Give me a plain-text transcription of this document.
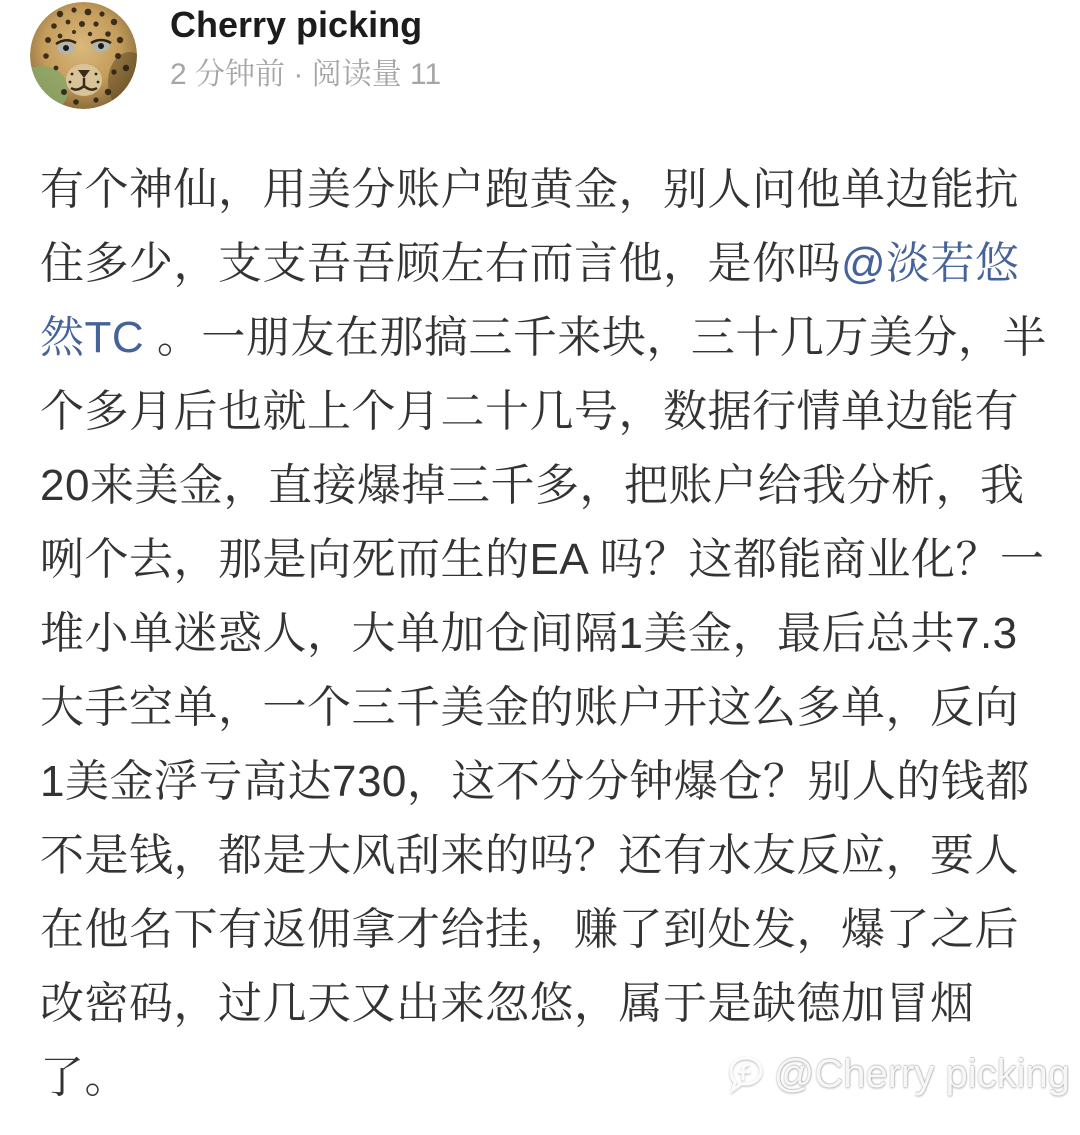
Cherry picking
2 分钟前 · 阅读量 11
有个神仙，用美分账户跑黄金，别人问他单边能抗
住多少，支支吾吾顾左右而言他，是你吗@淡若悠
然TC 。一朋友在那搞三千来块，三十几万美分，半
个多月后也就上个月二十几号，数据行情单边能有
20来美金，直接爆掉三千多，把账户给我分析，我
咧个去，那是向死而生的EA 吗？这都能商业化？一
堆小单迷惑人，大单加仓间隔1美金，最后总共7.3
大手空单，一个三千美金的账户开这么多单，反向
1美金浮亏高达730，这不分分钟爆仓？别人的钱都
不是钱，都是大风刮来的吗？还有水友反应，要人
在他名下有返佣拿才给挂，赚了到处发，爆了之后
改密码，过几天又出来忽悠，属于是缺德加冒烟
了。	@Cherry picking
